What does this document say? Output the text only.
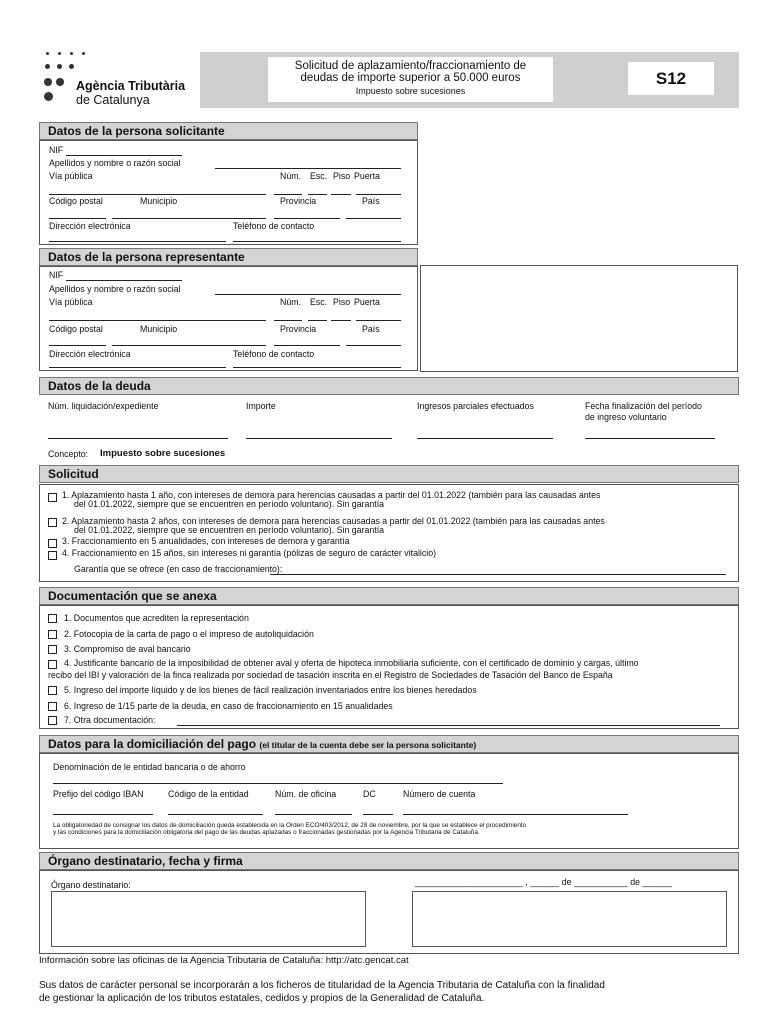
Agència Tributària
de Catalunya
Solicitud de aplazamiento/fraccionamiento de
deudas de importe superior a 50.000 euros
Impuesto sobre sucesiones
S12
Datos de la persona solicitante
NIF
Apellidos y nombre o razón social
Vía pública	Núm. Esc. Piso Puerta
Código postal	Municipio	Provincia	País
Dirección electrónica	Teléfono de contacto
Datos de la persona representante
NIF
Apellidos y nombre o razón social
Vía pública	Núm. Esc. Piso Puerta
Código postal	Municipio	Provincia	País
Dirección electrónica	Teléfono de contacto
Datos de la deuda
Núm. liquidación/expediente	Importe	Ingresos parciales efectuados	Fecha finalización del período
de ingreso voluntario
Concepto: Impuesto sobre sucesiones
Solicitud
1. Aplazamiento hasta 1 año, con intereses de demora para herencias causadas a partir del 01.01.2022 (también para las causadas antes
del 01.01.2022, siempre que se encuentren en período voluntario). Sin garantía
2. Aplazamiento hasta 2 años, con intereses de demora para herencias causadas a partir del 01.01.2022 (también para las causadas antes
del 01.01.2022, siempre que se encuentren en período voluntario). Sin garantía
3. Fraccionamiento en 5 anualidades, con intereses de demora y garantía
4. Fraccionamiento en 15 años, sin intereses ni garantía (pólizas de seguro de carácter vitalicio)
Garantía que se ofrece (en caso de fraccionamiento):
Documentación que se anexa
1. Documentos que acrediten la representación
2. Fotocopia de la carta de pago o el impreso de autoliquidación
3. Compromiso de aval bancario
4. Justificante bancario de la imposibilidad de obtener aval y oferta de hipoteca inmobiliaria suficiente, con el certificado de dominio y cargas, último
recibo del IBI y valoración de la finca realizada por sociedad de tasación inscrita en el Registro de Sociedades de Tasación del Banco de España
5. Ingreso del importe líquido y de los bienes de fácil realización inventariados entre los bienes heredados
6. Ingreso de 1/15 parte de la deuda, en caso de fraccionamiento en 15 anualidades
7. Otra documentación:
Datos para la domiciliación del pago (el titular de la cuenta debe ser la persona solicitante)
Denominación de le entidad bancaria o de ahorro
Prefijo del código IBAN	Código de la entidad	Núm. de oficina	DC	Número de cuenta
La obligatoriedad de consignar los datos de domiciliación queda establecida en la Orden ECO/403/2012, de 28 de noviembre, por la que se establece el procedimiento
y las condiciones para la domiciliación obligatoria del pago de las deudas aplazadas o fraccionadas gestionadas por la Agencia Tributaria de Cataluña.
Órgano destinatario, fecha y firma
Órgano destinatario:	______________________ , ______ de ___________ de ______
Información sobre las oficinas de la Agencia Tributaria de Cataluña: http://atc.gencat.cat
Sus datos de carácter personal se incorporarán a los ficheros de titularidad de la Agencia Tributaria de Cataluña con la finalidad
de gestionar la aplicación de los tributos estatales, cedidos y propios de la Generalidad de Cataluña.
